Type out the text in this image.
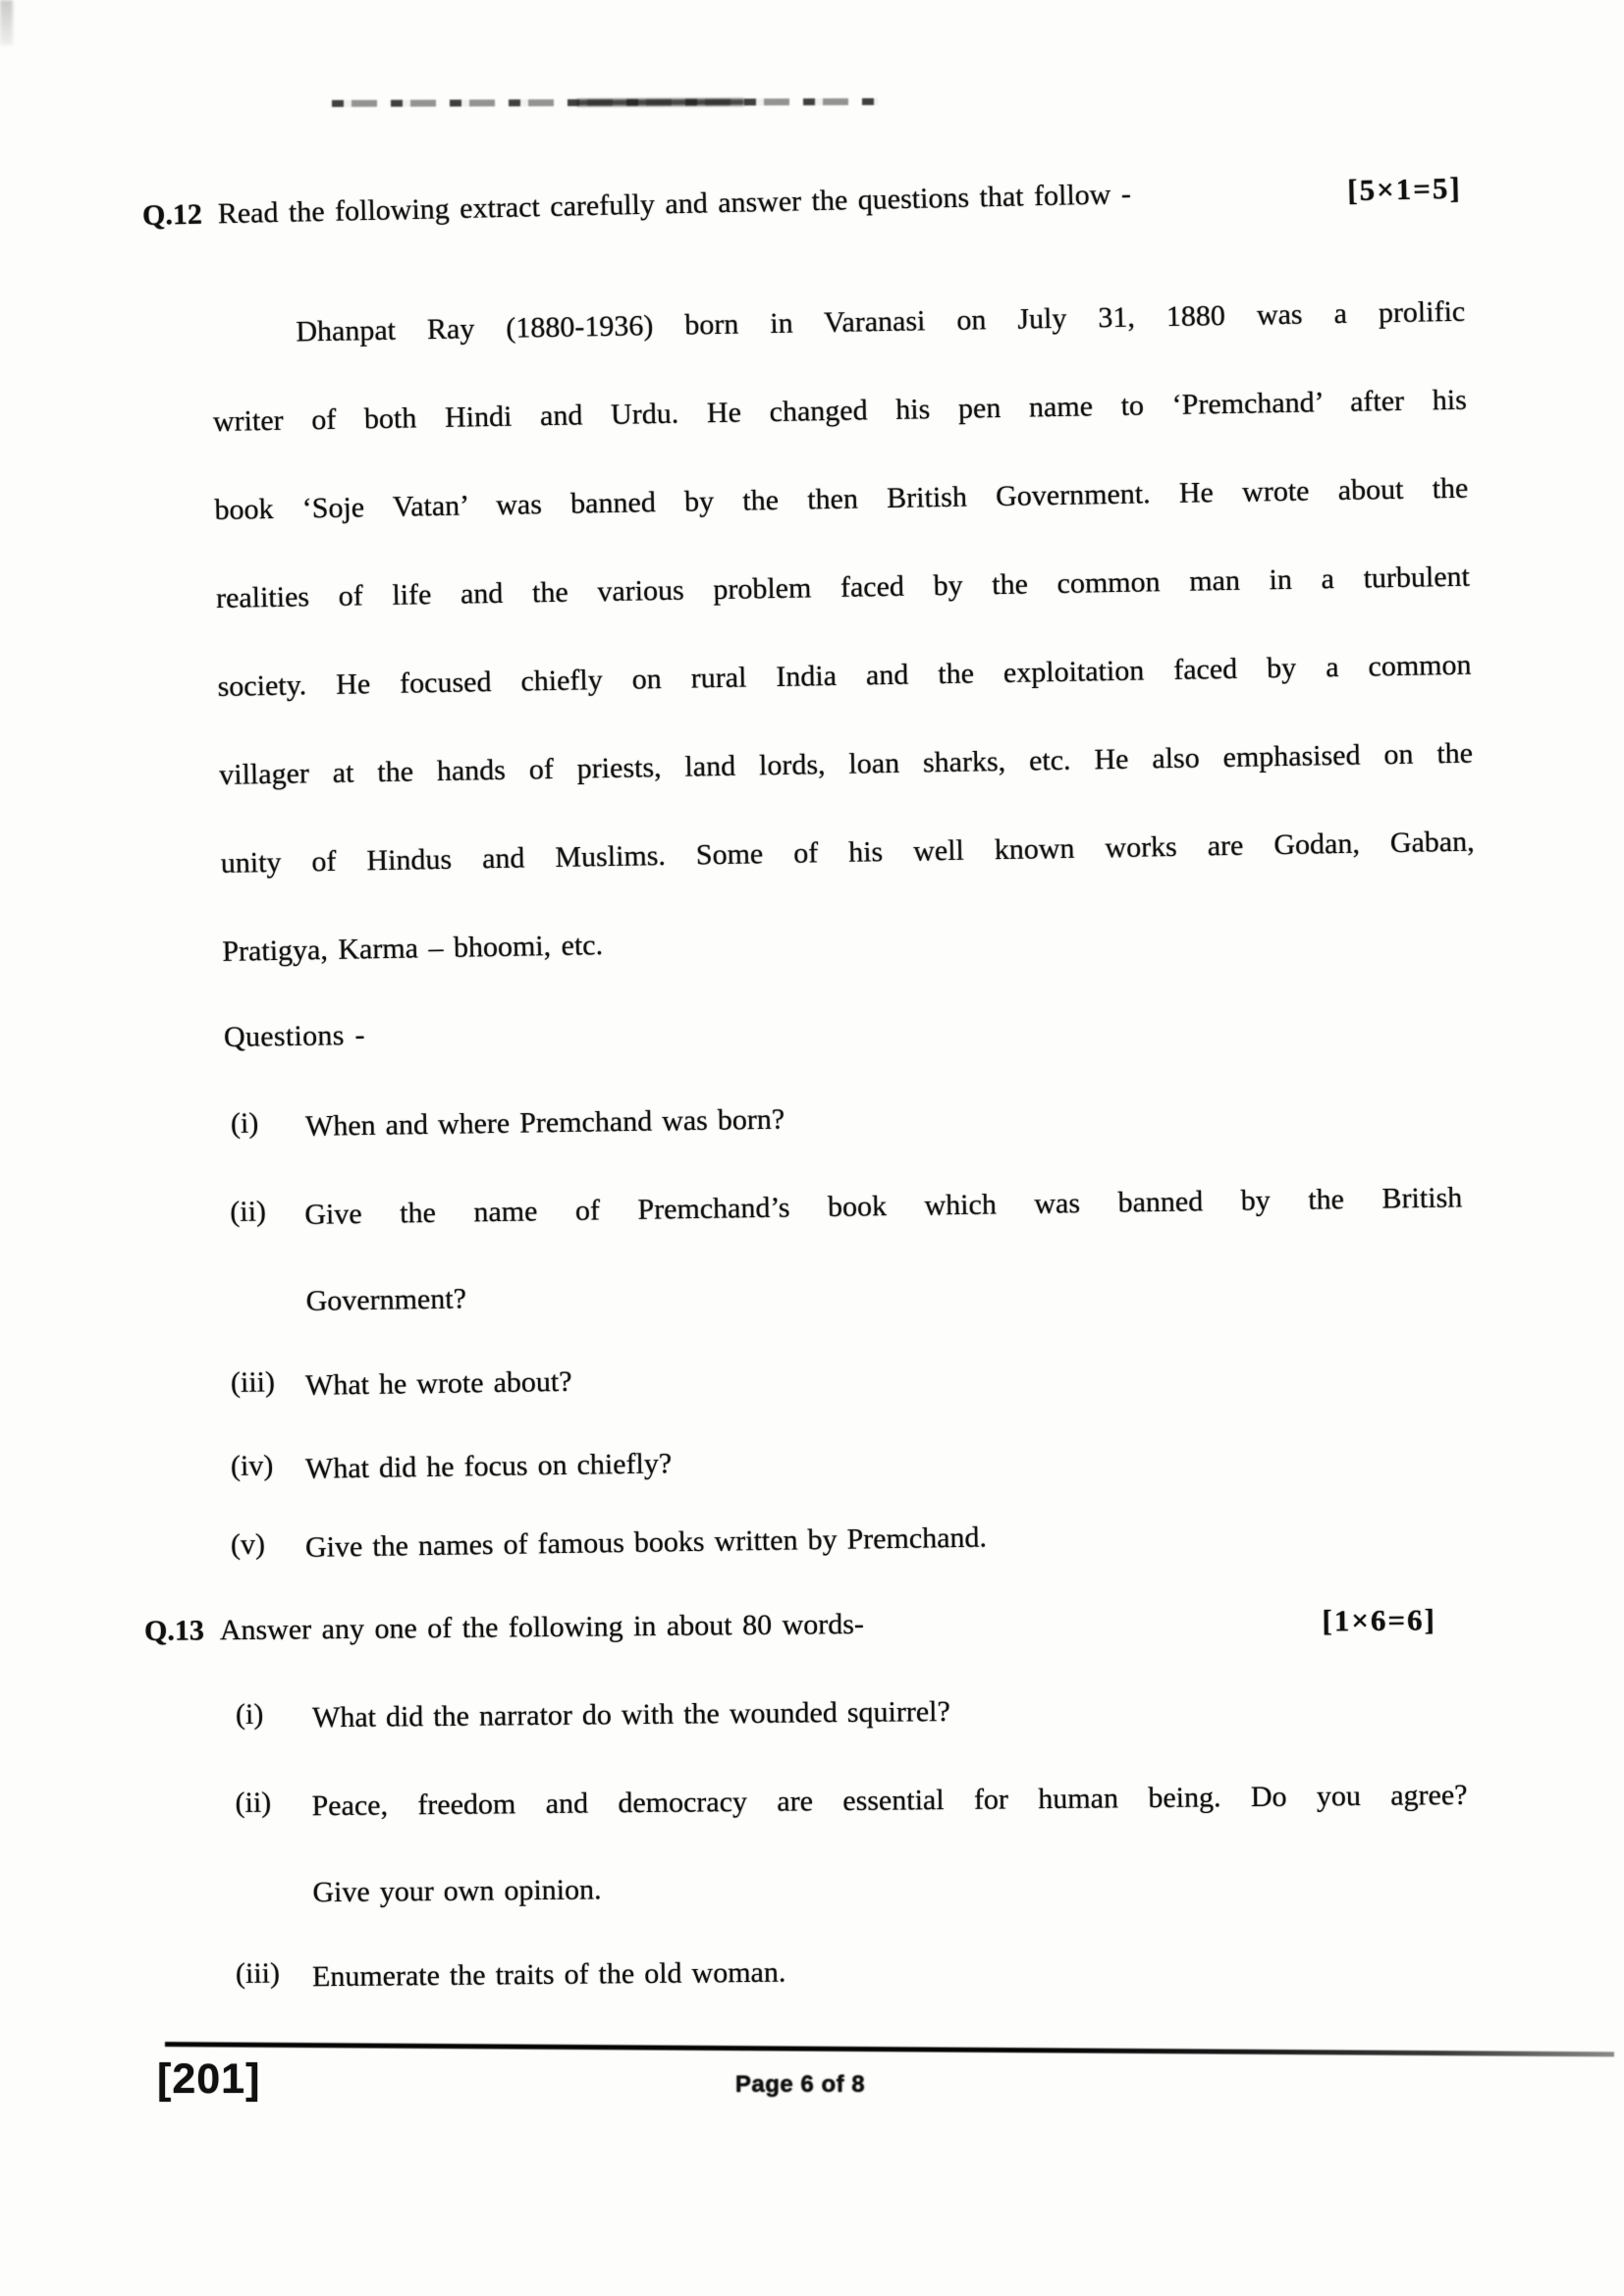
Q.12 Read the following extract carefully and answer the questions that follow -	[5×1=5]
Dhanpat Ray (1880-1936) born in Varanasi on July 31, 1880 was a prolific
writer of both Hindi and Urdu. He changed his pen name to ‘Premchand’ after his
book ‘Soje Vatan’ was banned by the then British Government. He wrote about the
realities of life and the various problem faced by the common man in a turbulent
society. He focused chiefly on rural India and the exploitation faced by a common
villager at the hands of priests, land lords, loan sharks, etc. He also emphasised on the
unity of Hindus and Muslims. Some of his well known works are Godan, Gaban,
Pratigya, Karma – bhoomi, etc.
Questions -
(i)	When and where Premchand was born?
(ii)	Give the name of Premchand’s book which was banned by the British
Government?
(iii)	What he wrote about?
(iv)	What did he focus on chiefly?
(v)	Give the names of famous books written by Premchand.
Q.13 Answer any one of the following in about 80 words-	[1×6=6]
(i)	What did the narrator do with the wounded squirrel?
(ii)	Peace, freedom and democracy are essential for human being. Do you agree?
Give your own opinion.
(iii)	Enumerate the traits of the old woman.
[201]	Page 6 of 8
